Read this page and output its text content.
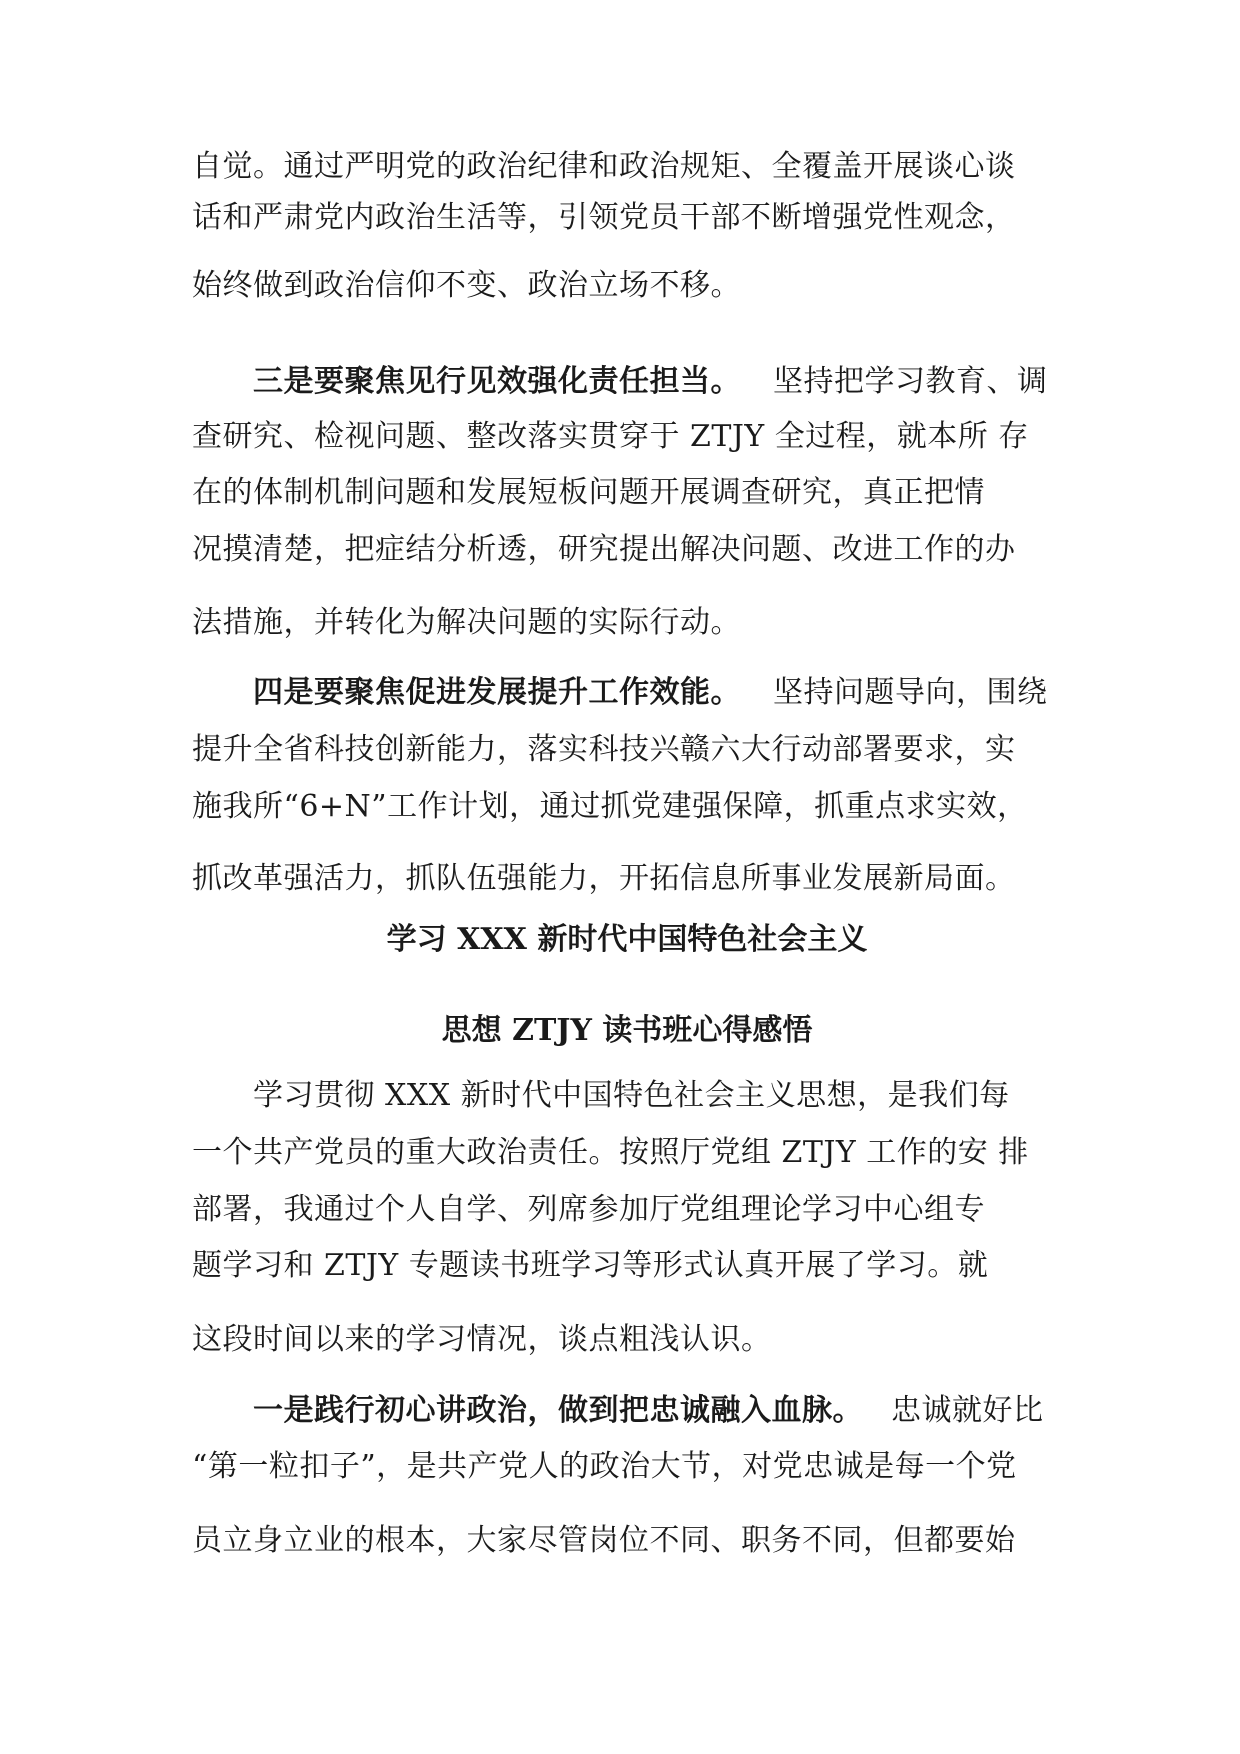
自觉。通过严明党的政治纪律和政治规矩、全覆盖开展谈心谈
话和严肃党内政治生活等，引领党员干部不断增强党性观念，
始终做到政治信仰不变、政治立场不移。
三是要聚焦见行见效强化责任担当。 坚持把学习教育、调
查研究、检视问题、整改落实贯穿于 ZTJY 全过程，就本所 存
在的体制机制问题和发展短板问题开展调查研究，真正把情
况摸清楚，把症结分析透，研究提出解决问题、改进工作的办
法措施，并转化为解决问题的实际行动。
四是要聚焦促进发展提升工作效能。 坚持问题导向，围绕
提升全省科技创新能力，落实科技兴赣六大行动部署要求，实
施我所“6+N”工作计划，通过抓党建强保障，抓重点求实效，
抓改革强活力，抓队伍强能力，开拓信息所事业发展新局面。
学习 XXX 新时代中国特色社会主义
思想 ZTJY 读书班心得感悟
学习贯彻 XXX 新时代中国特色社会主义思想，是我们每
一个共产党员的重大政治责任。按照厅党组 ZTJY 工作的安 排
部署，我通过个人自学、列席参加厅党组理论学习中心组专
题学习和 ZTJY 专题读书班学习等形式认真开展了学习。就
这段时间以来的学习情况，谈点粗浅认识。
一是践行初心讲政治，做到把忠诚融入血脉。 忠诚就好比
“第一粒扣子”，是共产党人的政治大节，对党忠诚是每一个党
员立身立业的根本，大家尽管岗位不同、职务不同，但都要始
